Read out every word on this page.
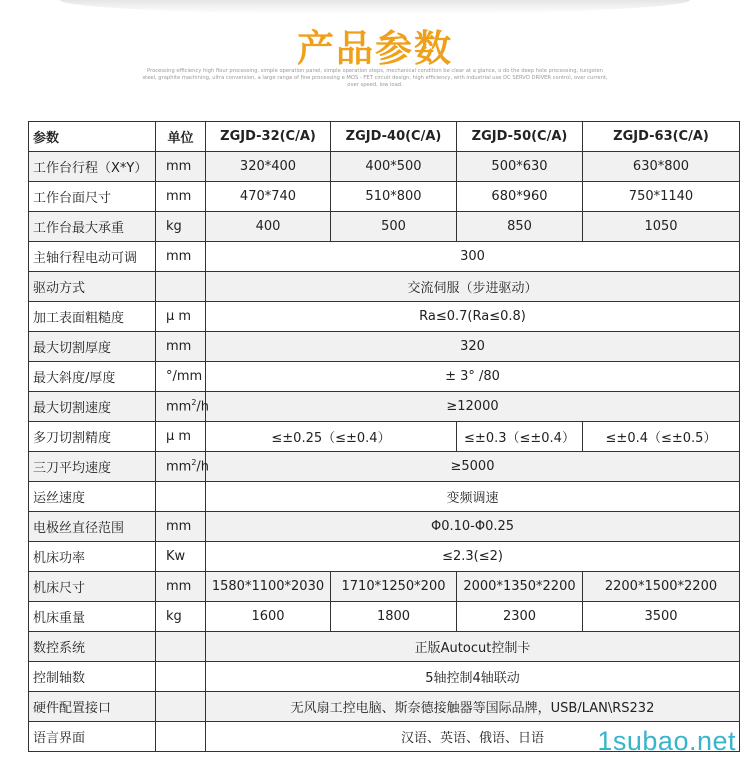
产品参数

Processing efficiency high flour processing, simple operation panel, simple operation steps, mechanical condition be clear at a glance, o do the deep hole processing, tungsten steel, graphite machining, ultra conversion, a large range of fine processing e MOS - FET circuit design, high efficiency, with industrial use DC SERVO DRIVER control, over current, over speed, low load.

参数	单位	ZGJD-32(C/A)	ZGJD-40(C/A)	ZGJD-50(C/A)	ZGJD-63(C/A)
工作台行程（X*Y）	mm	320*400	400*500	500*630	630*800
工作台面尺寸	mm	470*740	510*800	680*960	750*1140
工作台最大承重	kg	400	500	850	1050
主轴行程电动可调	mm	300			
驱动方式		交流伺服（步进驱动）			
加工表面粗糙度	μ m	Ra≤0.7(Ra≤0.8)			
最大切割厚度	mm	320			
最大斜度/厚度	°/mm	± 3° /80			
最大切割速度	$mm^2/h$	≥12000			
多刀切割精度	μ m	≤±0.25（≤±0.4）		≤±0.3（≤±0.4）	≤±0.4（≤±0.5）
三刀平均速度	$mm^2/h$	≥5000			
运丝速度		变频调速			
电极丝直径范围	mm	Φ0.10-Φ0.25			
机床功率	Kw	≤2.3(≤2)			
机床尺寸	mm	1580*1100*2030	1710*1250*200	2000*1350*2200	2200*1500*2200
机床重量	kg	1600	1800	2300	3500
数控系统		正版Autocut控制卡			
控制轴数		5轴控制4轴联动			
硬件配置接口		无风扇工控电脑、斯奈德接触器等国际品牌，USB/LAN\RS232			
语言界面		汉语、英语、俄语、日语			1subao.net
